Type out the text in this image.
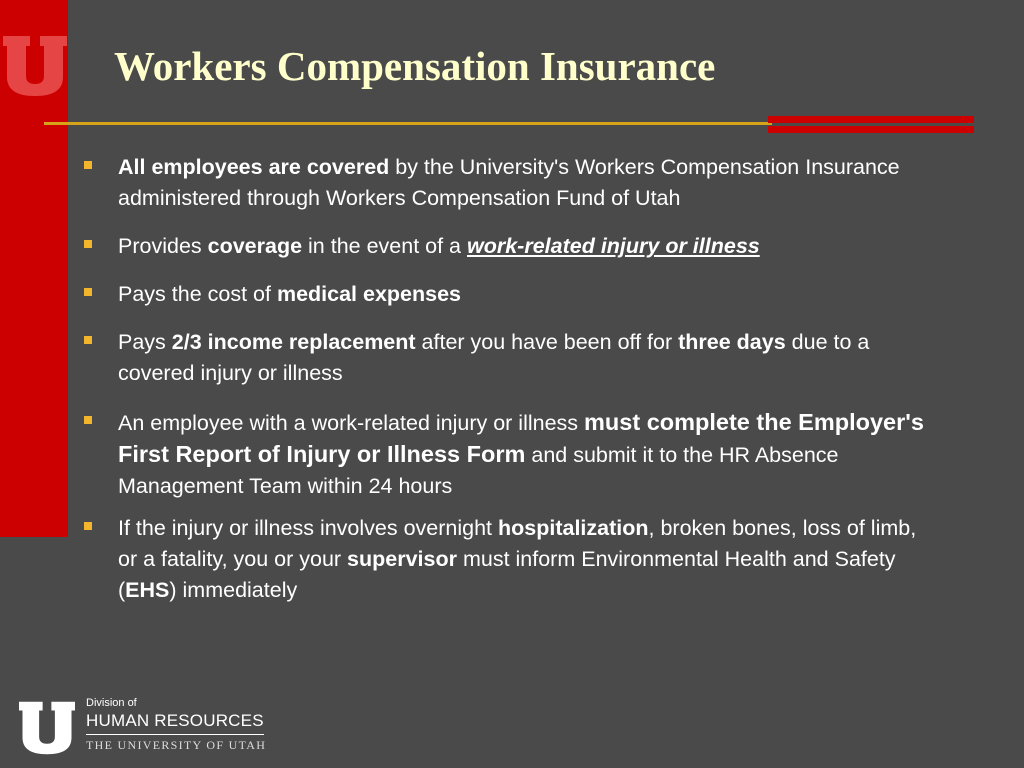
Workers Compensation Insurance
All employees are covered by the University's Workers Compensation Insurance administered through Workers Compensation Fund of Utah
Provides coverage in the event of a work-related injury or illness
Pays the cost of medical expenses
Pays 2/3 income replacement after you have been off for three days due to a covered injury or illness
An employee with a work-related injury or illness must complete the Employer's First Report of Injury or Illness Form and submit it to the HR Absence Management Team within 24 hours
If the injury or illness involves overnight hospitalization, broken bones, loss of limb, or a fatality, you or your supervisor must inform Environmental Health and Safety (EHS) immediately
Division of
HUMAN RESOURCES
THE UNIVERSITY OF UTAH
